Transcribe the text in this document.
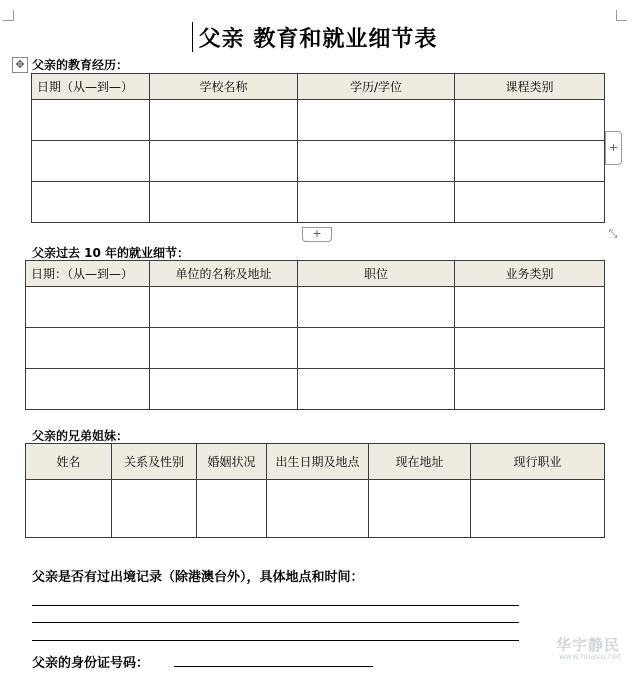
父亲 教育和就业细节表
✥ 父亲的教育经历：
日期（从—到—）	学校名称	学历/学位	课程类别

+
+	⤡
父亲过去 10 年的就业细节：
日期：（从—到—）	单位的名称及地址	职位	业务类别

父亲的兄弟姐妹：
姓名	关系及性别	婚姻状况	出生日期及地点	现在地址	现行职业

父亲是否有过出境记录（除港澳台外），具体地点和时间：
父亲的身份证号码：
华宇静民
www.huayu.net
